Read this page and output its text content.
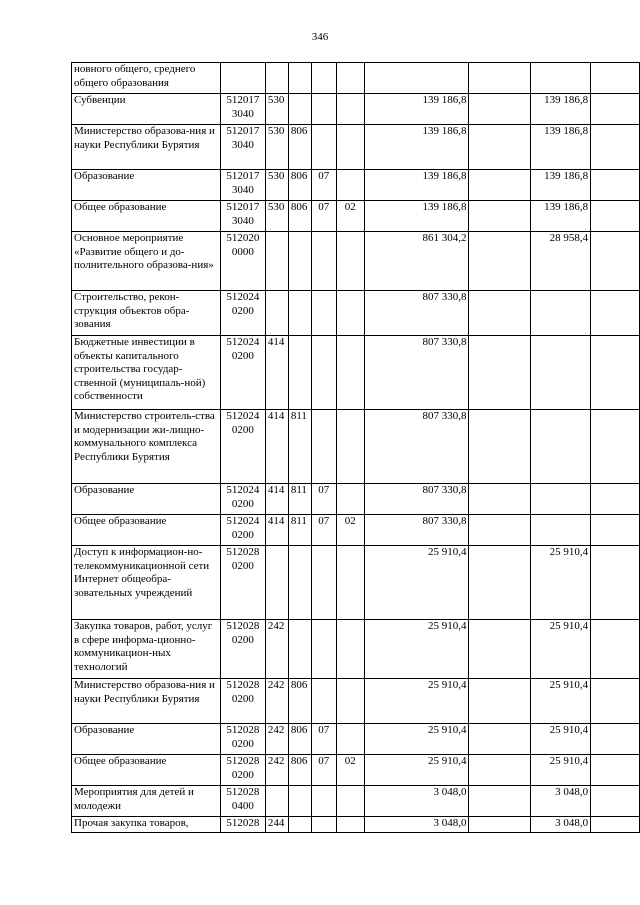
346
новного общего, среднего общего образования									
Субвенции	512017 3040	530				139 186,8		139 186,8	
Министерство образова-ния и науки Республики Бурятия	512017 3040	530	806			139 186,8		139 186,8	
Образование	512017 3040	530	806	07		139 186,8		139 186,8	
Общее образование	512017 3040	530	806	07	02	139 186,8		139 186,8	
Основное мероприятие «Развитие общего и до-полнительного образова-ния»	512020 0000					861 304,2		28 958,4	
Строительство, рекон-струкция объектов обра-зования	512024 0200					807 330,8			
Бюджетные инвестиции в объекты капитального строительства государ-ственной (муниципаль-ной) собственности	512024 0200	414				807 330,8			
Министерство строитель-ства и модернизации жи-лищно-коммунального комплекса Республики Бурятия	512024 0200	414	811			807 330,8			
Образование	512024 0200	414	811	07		807 330,8			
Общее образование	512024 0200	414	811	07	02	807 330,8			
Доступ к информацион-но-телекоммуникационной сети Интернет общеобра-зовательных учреждений	512028 0200					25 910,4		25 910,4	
Закупка товаров, работ, услуг в сфере информа-ционно-коммуникацион-ных технологий	512028 0200	242				25 910,4		25 910,4	
Министерство образова-ния и науки Республики Бурятия	512028 0200	242	806			25 910,4		25 910,4	
Образование	512028 0200	242	806	07		25 910,4		25 910,4	
Общее образование	512028 0200	242	806	07	02	25 910,4		25 910,4	
Мероприятия для детей и молодежи	512028 0400					3 048,0		3 048,0	
Прочая закупка товаров,	512028	244				3 048,0		3 048,0	
